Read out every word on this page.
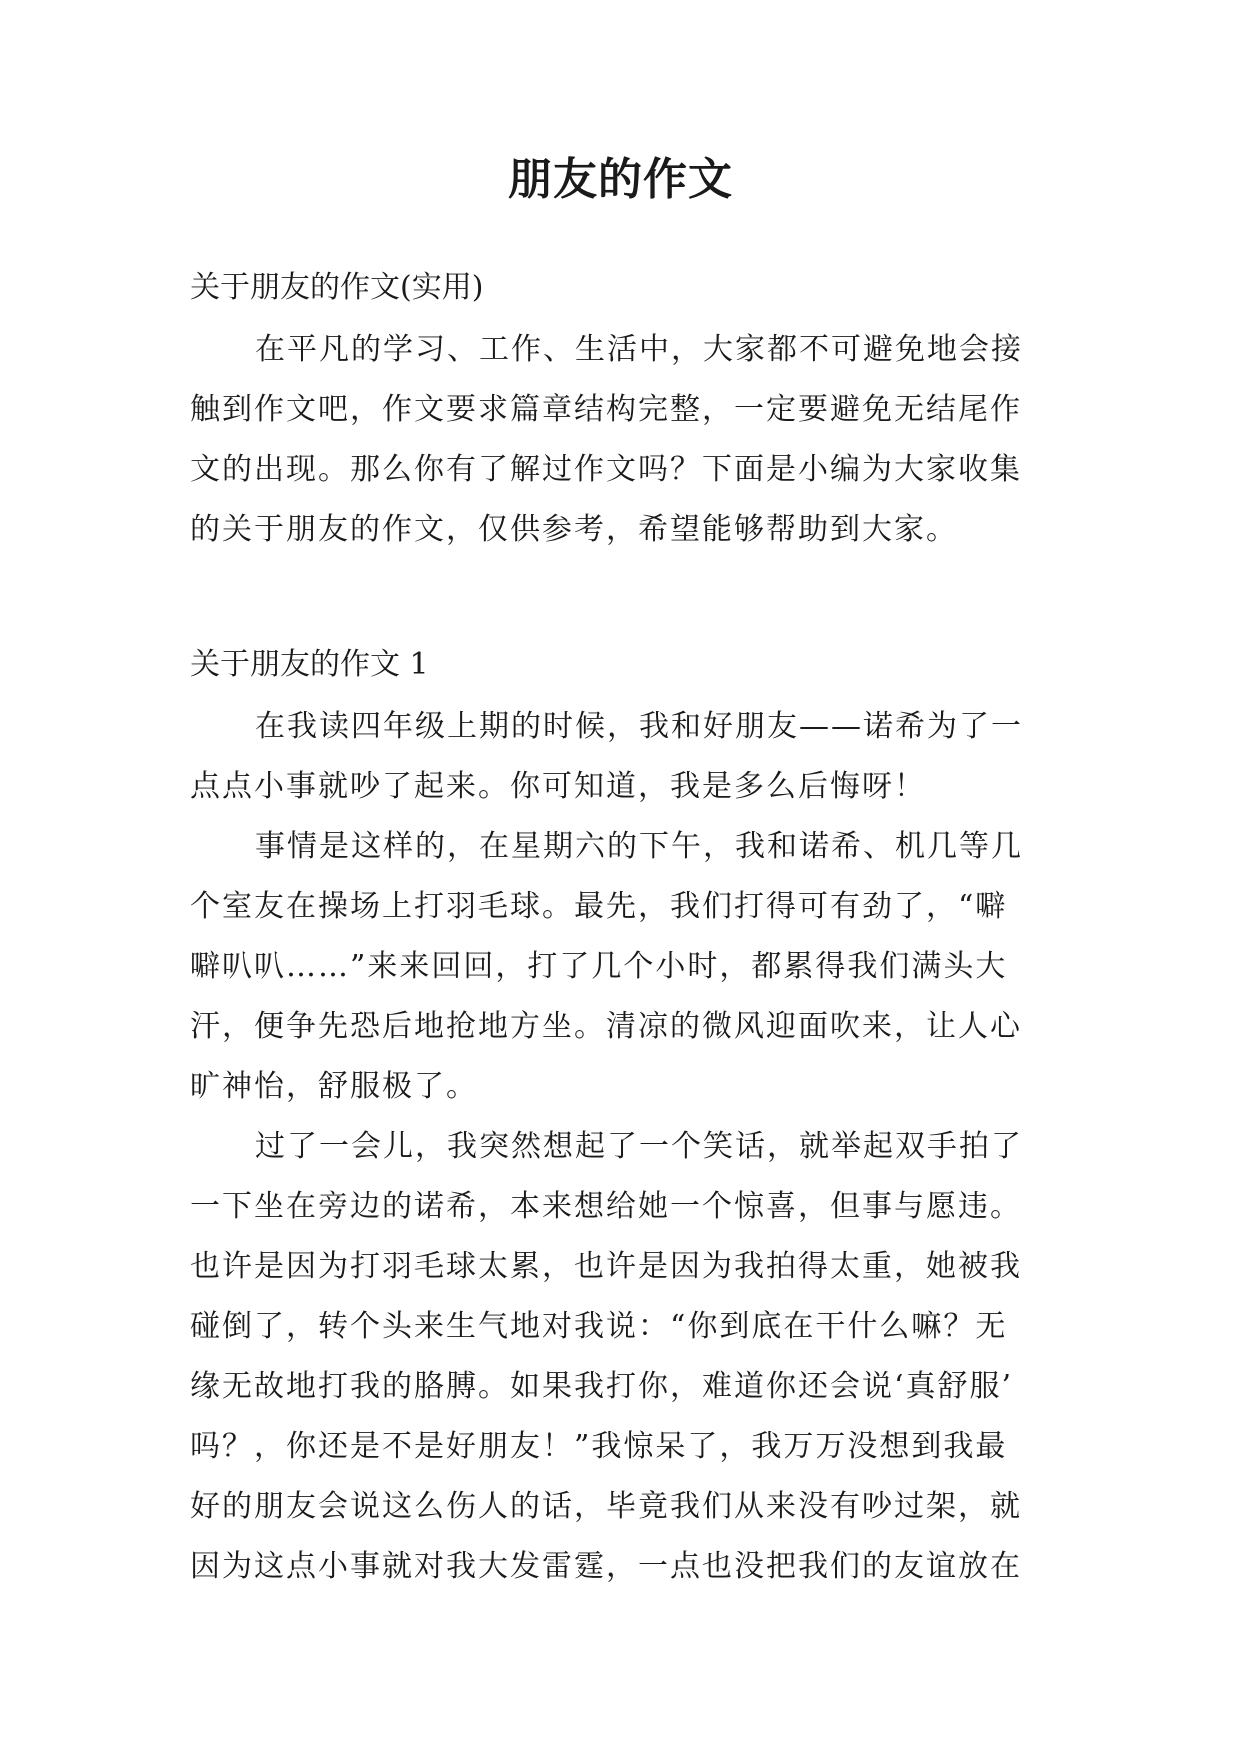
朋友的作文
关于朋友的作文(实用)
在平凡的学习、工作、生活中，大家都不可避免地会接
触到作文吧，作文要求篇章结构完整，一定要避免无结尾作
文的出现。那么你有了解过作文吗？下面是小编为大家收集
的关于朋友的作文，仅供参考，希望能够帮助到大家。
关于朋友的作文 1
在我读四年级上期的时候，我和好朋友——诺希为了一
点点小事就吵了起来。你可知道，我是多么后悔呀！
事情是这样的，在星期六的下午，我和诺希、机几等几
个室友在操场上打羽毛球。最先，我们打得可有劲了，“噼
噼叭叭……”来来回回，打了几个小时，都累得我们满头大
汗，便争先恐后地抢地方坐。清凉的微风迎面吹来，让人心
旷神怡，舒服极了。
过了一会儿，我突然想起了一个笑话，就举起双手拍了
一下坐在旁边的诺希，本来想给她一个惊喜，但事与愿违。
也许是因为打羽毛球太累，也许是因为我拍得太重，她被我
碰倒了，转个头来生气地对我说：“你到底在干什么嘛？无
缘无故地打我的胳膊。如果我打你，难道你还会说‘真舒服’
吗？，你还是不是好朋友！”我惊呆了，我万万没想到我最
好的朋友会说这么伤人的话，毕竟我们从来没有吵过架，就
因为这点小事就对我大发雷霆，一点也没把我们的友谊放在
